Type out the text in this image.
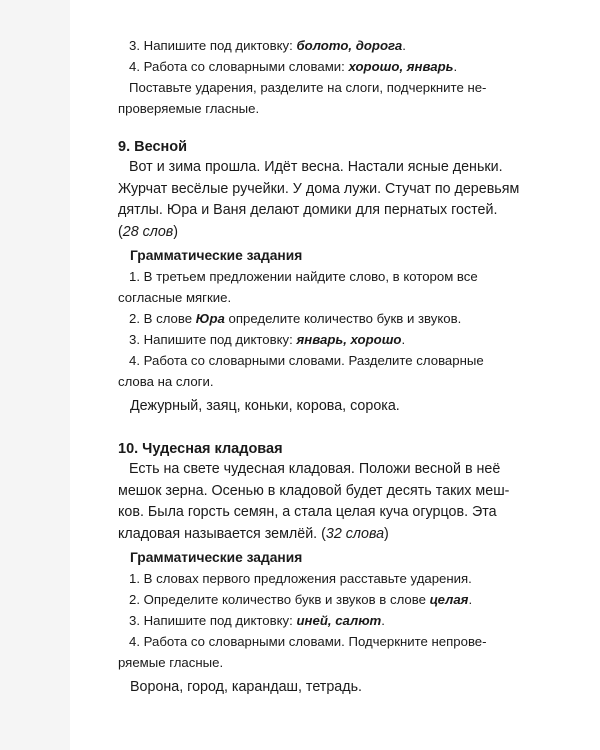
3. Напишите под диктовку: болото, дорога.

4. Работа со словарными словами: хорошо, январь.

Поставьте ударения, разделите на слоги, подчеркните не-

проверяемые гласные.

9. Весной

Вот и зима прошла. Идёт весна. Настали ясные деньки.

Журчат весёлые ручейки. У дома лужи. Стучат по деревьям

дятлы. Юра и Ваня делают домики для пернатых гостей.

(28 слов)

Грамматические задания

1. В третьем предложении найдите слово, в котором все

согласные мягкие.

2. В слове Юра определите количество букв и звуков.

3. Напишите под диктовку: январь, хорошо.

4. Работа со словарными словами. Разделите словарные

слова на слоги.

Дежурный, заяц, коньки, корова, сорока.

10. Чудесная кладовая

Есть на свете чудесная кладовая. Положи весной в неё

мешок зерна. Осенью в кладовой будет десять таких меш-

ков. Была горсть семян, а стала целая куча огурцов. Эта

кладовая называется землёй. (32 слова)

Грамматические задания

1. В словах первого предложения расставьте ударения.

2. Определите количество букв и звуков в слове целая.

3. Напишите под диктовку: иней, салют.

4. Работа со словарными словами. Подчеркните непрове-

ряемые гласные.

Ворона, город, карандаш, тетрадь.
